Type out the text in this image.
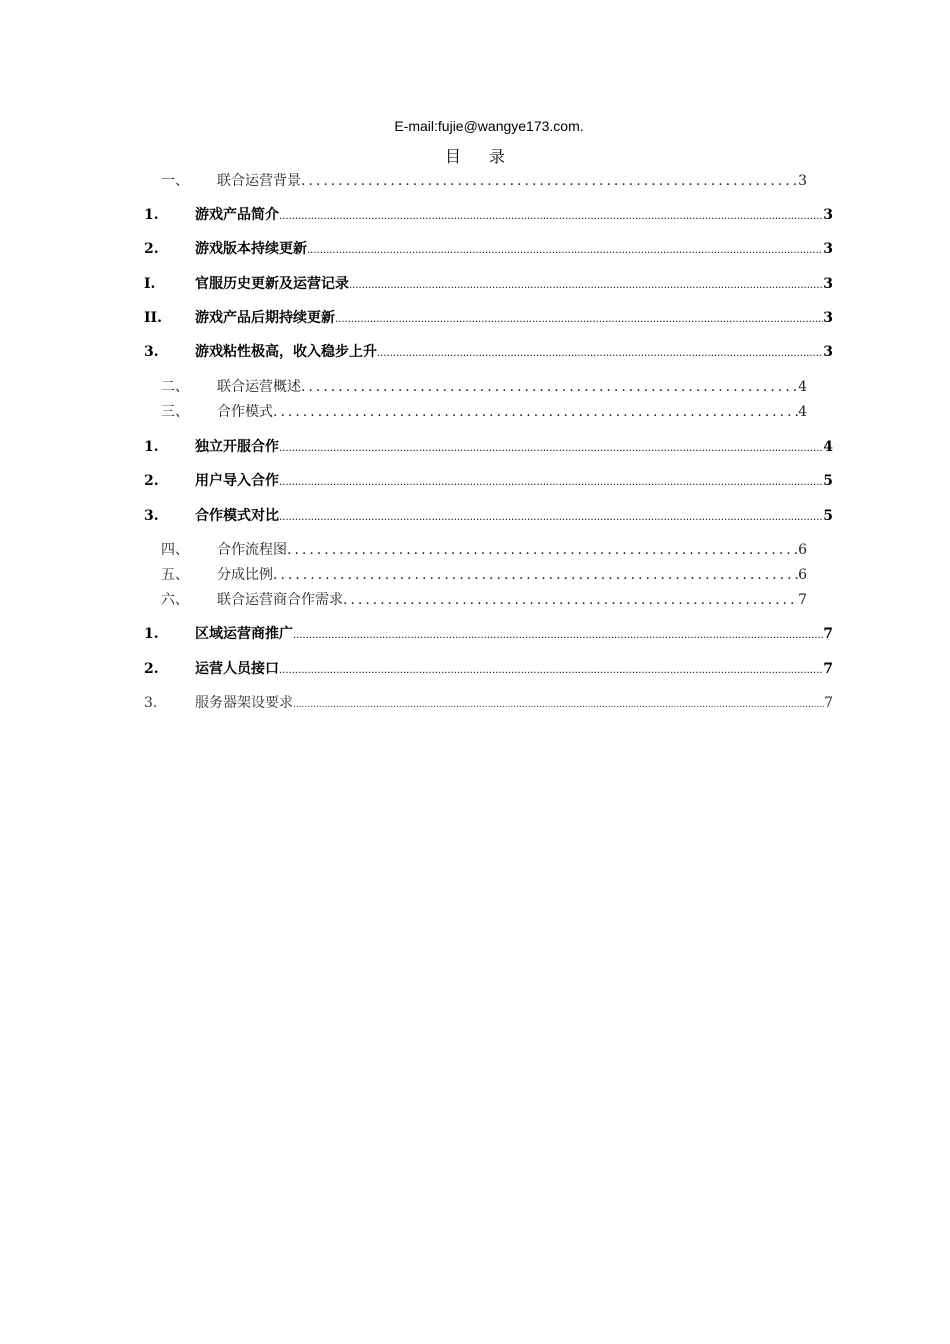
E-mail:fujie@wangye173.com.
目录
一、	联合运营背景 .....	3
1.	游戏产品简介 .....	3
2.	游戏版本持续更新 .....	3
I.	官服历史更新及运营记录 .....	3
II.	游戏产品后期持续更新 .....	3
3.	游戏粘性极高，收入稳步上升 .....	3
二、	联合运营概述 .....	4
三、	合作模式 .....	4
1.	独立开服合作 .....	4
2.	用户导入合作 .....	5
3.	合作模式对比 .....	5
四、	合作流程图 .....	6
五、	分成比例 .....	6
六、	联合运营商合作需求 .....	7
1.	区域运营商推广 .....	7
2.	运营人员接口 .....	7
3.	服务器架设要求 .....	7
